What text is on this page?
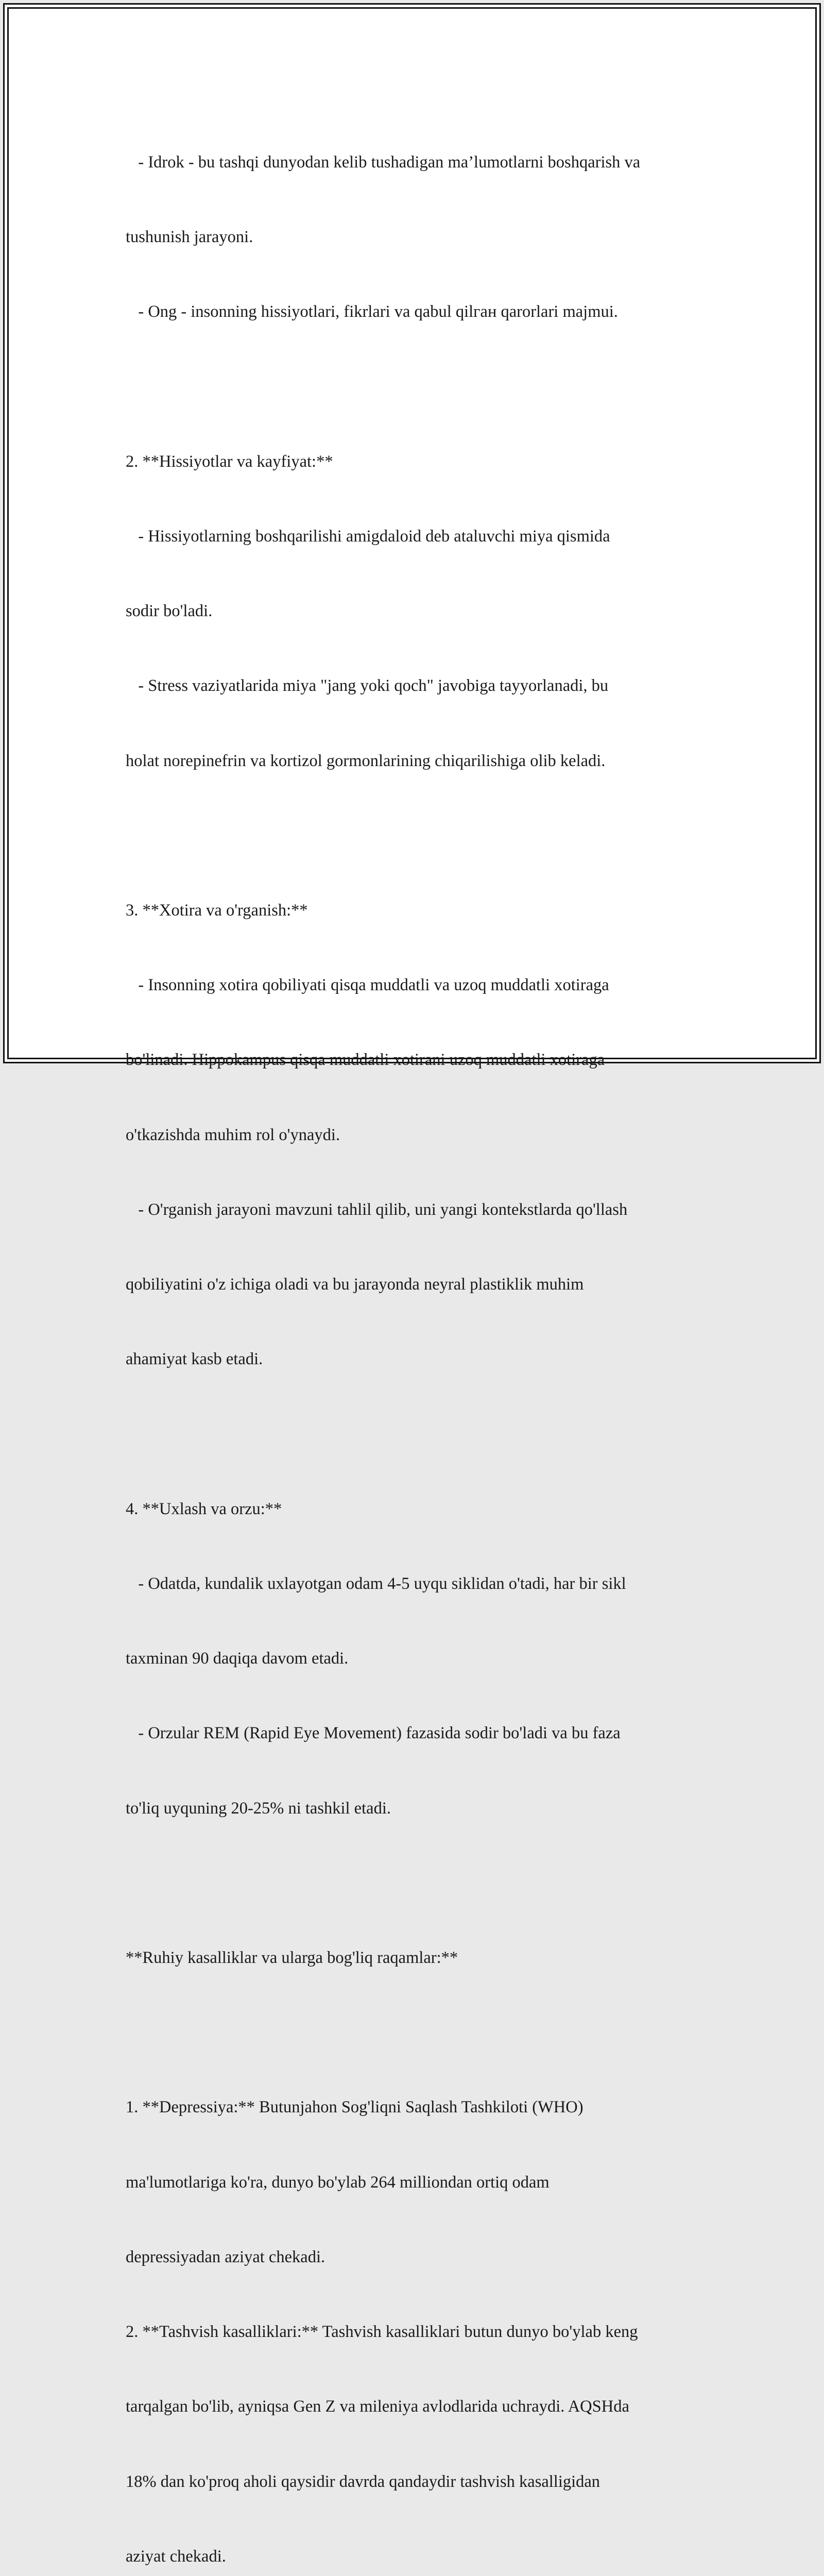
- Idrok - bu tashqi dunyodan kelib tushadigan ma’lumotlarni boshqarish va

tushunish jarayoni.

- Ong - insonning hissiyotlari, fikrlari va qabul qilган qarorlari majmui.

2. **Hissiyotlar va kayfiyat:**

- Hissiyotlarning boshqarilishi amigdaloid deb ataluvchi miya qismida

sodir bo'ladi.

- Stress vaziyatlarida miya "jang yoki qoch" javobiga tayyorlanadi, bu

holat norepinefrin va kortizol gormonlarining chiqarilishiga olib keladi.

3. **Xotira va o'rganish:**

- Insonning xotira qobiliyati qisqa muddatli va uzoq muddatli xotiraga

bo'linadi. Hippokampus qisqa muddatli xotirani uzoq muddatli xotiraga

o'tkazishda muhim rol o'ynaydi.

- O'rganish jarayoni mavzuni tahlil qilib, uni yangi kontekstlarda qo'llash

qobiliyatini o'z ichiga oladi va bu jarayonda neyral plastiklik muhim

ahamiyat kasb etadi.

4. **Uxlash va orzu:**

- Odatda, kundalik uxlayotgan odam 4-5 uyqu siklidan o'tadi, har bir sikl

taxminan 90 daqiqa davom etadi.

- Orzular REM (Rapid Eye Movement) fazasida sodir bo'ladi va bu faza

to'liq uyquning 20-25% ni tashkil etadi.

**Ruhiy kasalliklar va ularga bog'liq raqamlar:**

1. **Depressiya:** Butunjahon Sog'liqni Saqlash Tashkiloti (WHO)

ma'lumotlariga ko'ra, dunyo bo'ylab 264 milliondan ortiq odam

depressiyadan aziyat chekadi.

2. **Tashvish kasalliklari:** Tashvish kasalliklari butun dunyo bo'ylab keng

tarqalgan bo'lib, ayniqsa Gen Z va mileniya avlodlarida uchraydi. AQSHda

18% dan ko'proq aholi qaysidir davrda qandaydir tashvish kasalligidan

aziyat chekadi.
